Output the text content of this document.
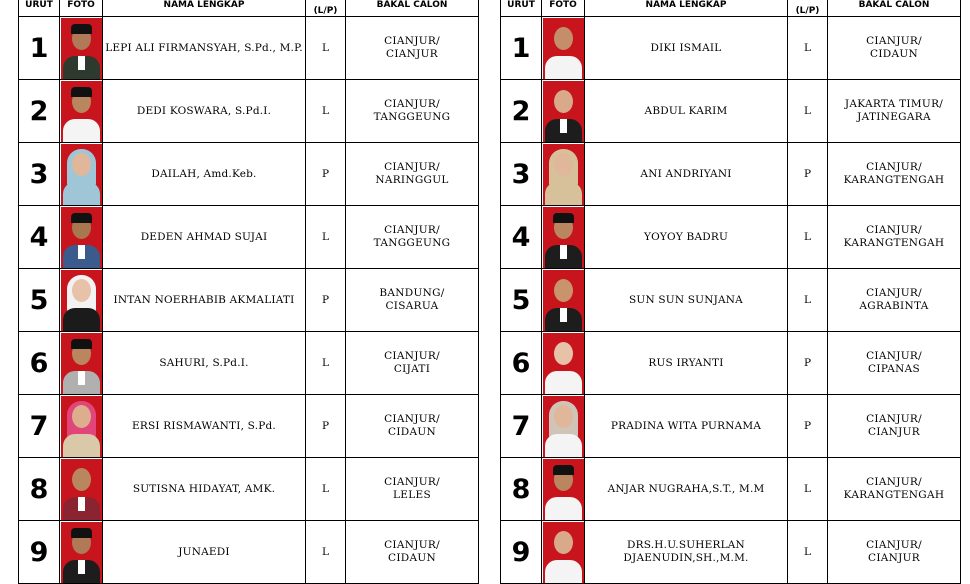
URUT	FOTO	NAMA LENGKAP	(L/P)	BAKAL CALON
1		LEPI ALI FIRMANSYAH, S.Pd., M.P.	L	CIANJUR/
CIANJUR
2		DEDI KOSWARA, S.Pd.I.	L	CIANJUR/
TANGGEUNG
3		DAILAH, Amd.Keb.	P	CIANJUR/
NARINGGUL
4		DEDEN AHMAD SUJAI	L	CIANJUR/
TANGGEUNG
5		INTAN NOERHABIB AKMALIATI	P	BANDUNG/
CISARUA
6		SAHURI, S.Pd.I.	L	CIANJUR/
CIJATI
7		ERSI RISMAWANTI, S.Pd.	P	CIANJUR/
CIDAUN
8		SUTISNA HIDAYAT, AMK.	L	CIANJUR/
LELES
9		JUNAEDI	L	CIANJUR/
CIDAUN
URUT	FOTO	NAMA LENGKAP	(L/P)	BAKAL CALON
1		DIKI ISMAIL	L	CIANJUR/
CIDAUN
2		ABDUL KARIM	L	JAKARTA TIMUR/
JATINEGARA
3		ANI ANDRIYANI	P	CIANJUR/
KARANGTENGAH
4		YOYOY BADRU	L	CIANJUR/
KARANGTENGAH
5		SUN SUN SUNJANA	L	CIANJUR/
AGRABINTA
6		RUS IRYANTI	P	CIANJUR/
CIPANAS
7		PRADINA WITA PURNAMA	P	CIANJUR/
CIANJUR
8		ANJAR NUGRAHA,S.T., M.M	L	CIANJUR/
KARANGTENGAH
9		DRS.H.U.SUHERLAN DJAENUDIN,SH.,M.M.	L	CIANJUR/
CIANJUR
